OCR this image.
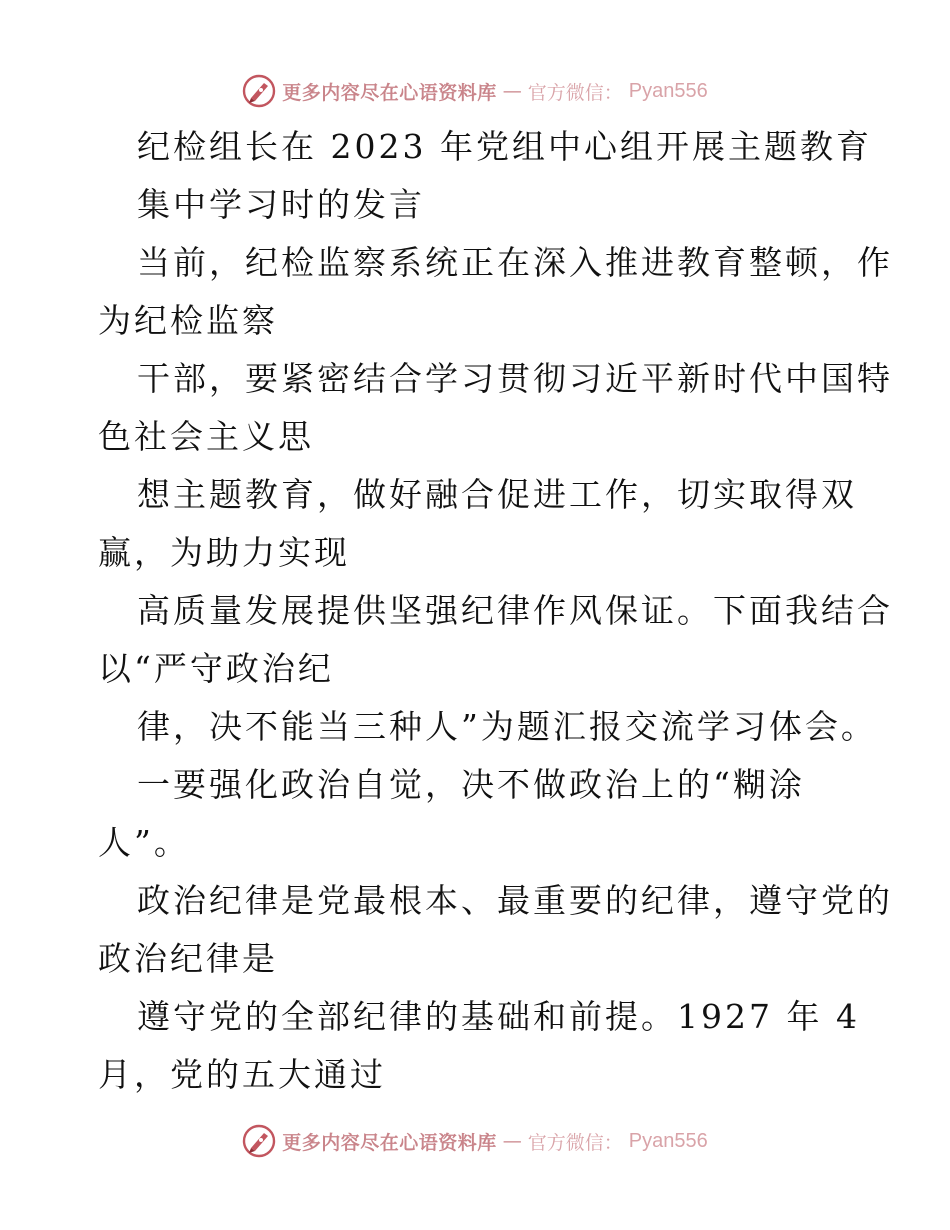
更多内容尽在心语资料库 — 官方微信： Pyan556
纪检组长在 2023 年党组中心组开展主题教育
集中学习时的发言
当前，纪检监察系统正在深入推进教育整顿，作
为纪检监察
干部，要紧密结合学习贯彻习近平新时代中国特
色社会主义思
想主题教育，做好融合促进工作，切实取得双
赢，为助力实现
高质量发展提供坚强纪律作风保证。下面我结合
以“严守政治纪
律，决不能当三种人”为题汇报交流学习体会。
一要强化政治自觉，决不做政治上的“糊涂
人”。
政治纪律是党最根本、最重要的纪律，遵守党的
政治纪律是
遵守党的全部纪律的基础和前提。1927 年 4
月，党的五大通过
更多内容尽在心语资料库 — 官方微信： Pyan556
